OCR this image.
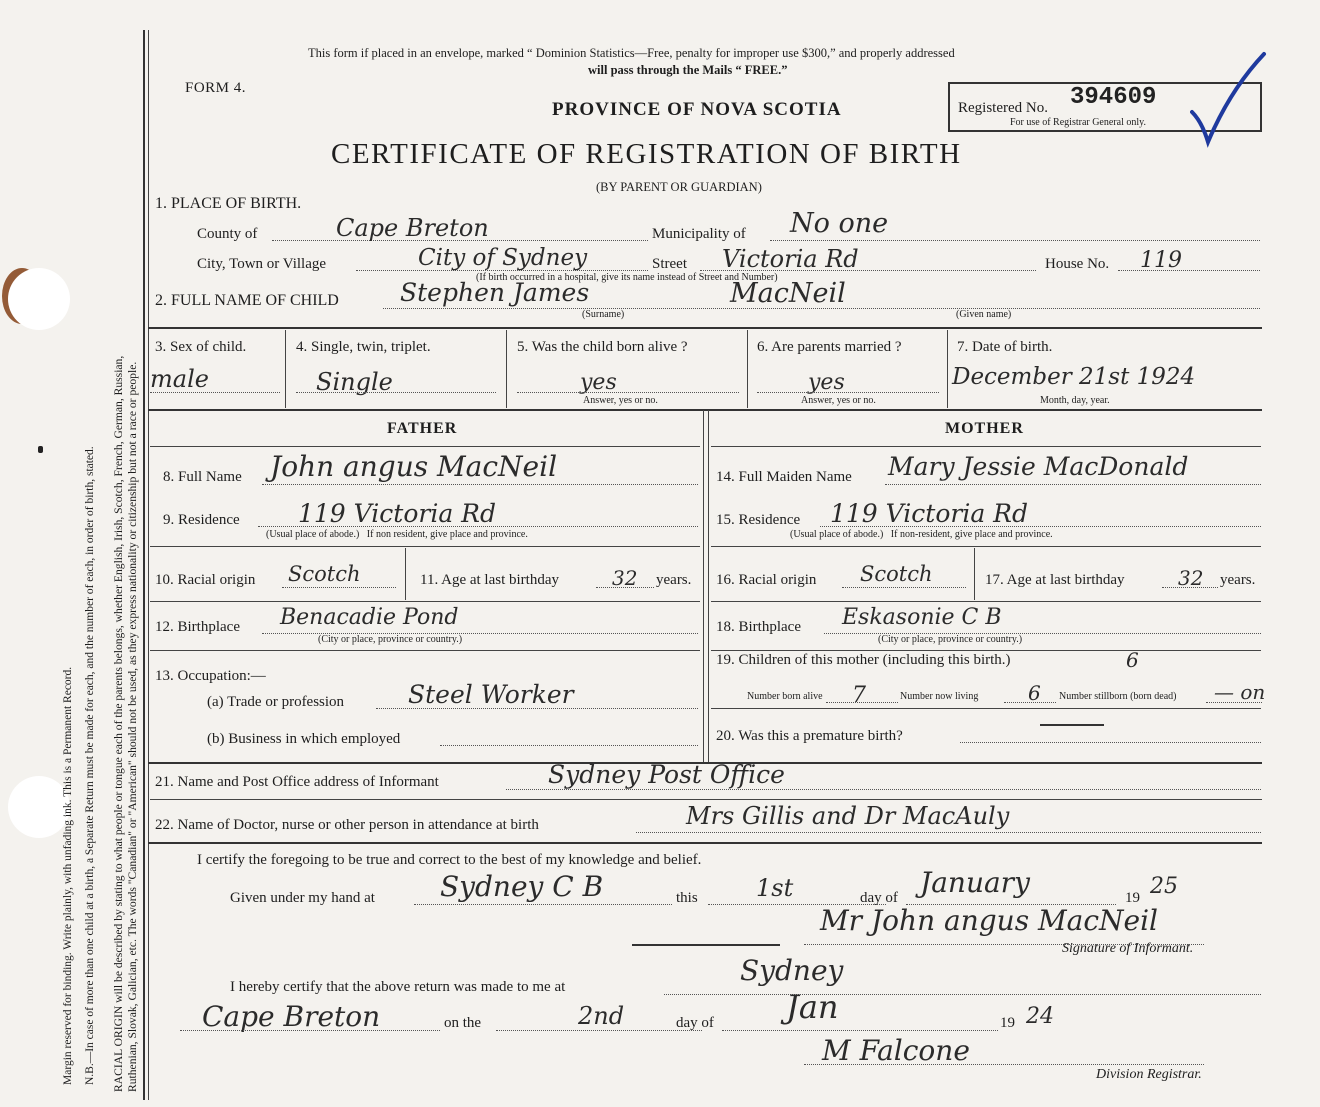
Margin reserved for binding. Write plainly, with unfading ink. This is a Permanent Record. N.B.—In case of more than one child at a birth, a Separate Return must be made for each, and the number of each, in order of birth, stated. RACIAL ORIGIN will be described by stating to what people or tongue each of the parents belongs, whether English, Irish, Scotch, French, German, Russian, Ruthenian, Slovak, Galician, etc. The words "Canadian" or "American" should not be used, as they express nationality or citizenship but not a race or people.
This form if placed in an envelope, marked “ Dominion Statistics—Free, penalty for improper use $300,” and properly addressed
will pass through the Mails “ FREE.”
FORM 4.
PROVINCE OF NOVA SCOTIA
CERTIFICATE OF REGISTRATION OF BIRTH
(BY PARENT OR GUARDIAN)
Registered No. 394609
For use of Registrar General only.
1. PLACE OF BIRTH.
County of	Cape Breton	Municipality of No one
City, Town or Village	City of Sydney	Street Victoria Rd	House No. 119
(If birth occurred in a hospital, give its name instead of Street and Number)
2. FULL NAME OF CHILD Stephen James	MacNeil
(Surname)	(Given name)
3. Sex of child.
male
4. Single, twin, triplet.
Single
5. Was the child born alive ?
yes
Answer, yes or no.
6. Are parents married ?
yes
Answer, yes or no.
7. Date of birth.
December 21st 1924
Month, day, year.
FATHER	MOTHER
8. Full Name John angus MacNeil
9. Residence 119 Victoria Rd
(Usual place of abode.)   If non resident, give place and province.
10. Racial origin Scotch	11. Age at last birthday	32 years.
12. Birthplace Benacadie Pond
(City or place, province or country.)
13. Occupation:—
(a) Trade or profession	Steel Worker
(b) Business in which employed
14. Full Maiden Name Mary Jessie MacDonald
15. Residence 119 Victoria Rd
(Usual place of abode.)   If non-resident, give place and province.
16. Racial origin Scotch	17. Age at last birthday	32 years.
18. Birthplace Eskasonie C B
(City or place, province or country.)
19. Children of this mother (including this birth.)	6
Number born alive 7	Number now living 6 Number stillborn (born dead) — on
20. Was this a premature birth?
21. Name and Post Office address of Informant	Sydney Post Office
22. Name of Doctor, nurse or other person in attendance at birth	Mrs Gillis and Dr MacAuly
I certify the foregoing to be true and correct to the best of my knowledge and belief.
Given under my hand at Sydney C B	this 1st	day of January	19 25
Mr John angus MacNeil
Signature of Informant.
I hereby certify that the above return was made to me at	Sydney
Cape Breton	on the	2nd	day of Jan	19 24
M Falcone
Division Registrar.
